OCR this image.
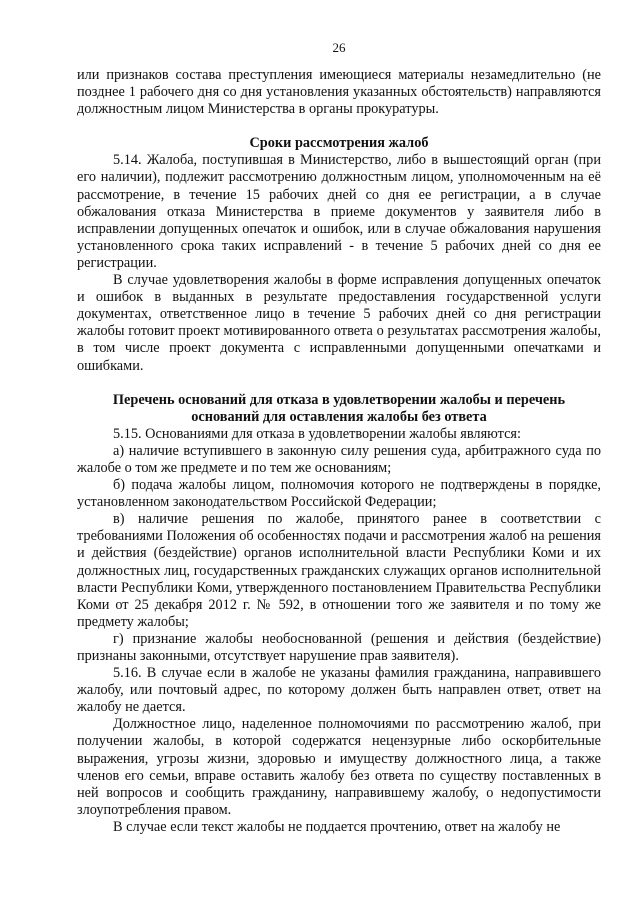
26

или признаков состава преступления имеющиеся материалы незамедлительно (не позднее 1 рабочего дня со дня установления указанных обстоятельств) направляются должностным лицом Министерства в органы прокуратуры.

Сроки рассмотрения жалоб

5.14. Жалоба, поступившая в Министерство, либо в вышестоящий орган (при его наличии), подлежит рассмотрению должностным лицом, уполномоченным на её рассмотрение, в течение 15 рабочих дней со дня ее регистрации, а в случае обжалования отказа Министерства в приеме документов у заявителя либо в исправлении допущенных опечаток и ошибок, или в случае обжалования нарушения установленного срока таких исправлений - в течение 5 рабочих дней со дня ее регистрации.

В случае удовлетворения жалобы в форме исправления допущенных опечаток и ошибок в выданных в результате предоставления государственной услуги документах, ответственное лицо в течение 5 рабочих дней со дня регистрации жалобы готовит проект мотивированного ответа о результатах рассмотрения жалобы, в том числе проект документа с исправленными допущенными опечатками и ошибками.

Перечень оснований для отказа в удовлетворении жалобы и перечень
оснований для оставления жалобы без ответа

5.15. Основаниями для отказа в удовлетворении жалобы являются:

а) наличие вступившего в законную силу решения суда, арбитражного суда по жалобе о том же предмете и по тем же основаниям;

б) подача жалобы лицом, полномочия которого не подтверждены в порядке, установленном законодательством Российской Федерации;

в) наличие решения по жалобе, принятого ранее в соответствии с требованиями Положения об особенностях подачи и рассмотрения жалоб на решения и действия (бездействие) органов исполнительной власти Республики Коми и их должностных лиц, государственных гражданских служащих органов исполнительной власти Республики Коми, утвержденного постановлением Правительства Республики Коми от 25 декабря 2012 г. № 592, в отношении того же заявителя и по тому же предмету жалобы;

г) признание жалобы необоснованной (решения и действия (бездействие) признаны законными, отсутствует нарушение прав заявителя).

5.16. В случае если в жалобе не указаны фамилия гражданина, направившего жалобу, или почтовый адрес, по которому должен быть направлен ответ, ответ на жалобу не дается.

Должностное лицо, наделенное полномочиями по рассмотрению жалоб, при получении жалобы, в которой содержатся нецензурные либо оскорбительные выражения, угрозы жизни, здоровью и имуществу должностного лица, а также членов его семьи, вправе оставить жалобу без ответа по существу поставленных в ней вопросов и сообщить гражданину, направившему жалобу, о недопустимости злоупотребления правом.

В случае если текст жалобы не поддается прочтению, ответ на жалобу не
